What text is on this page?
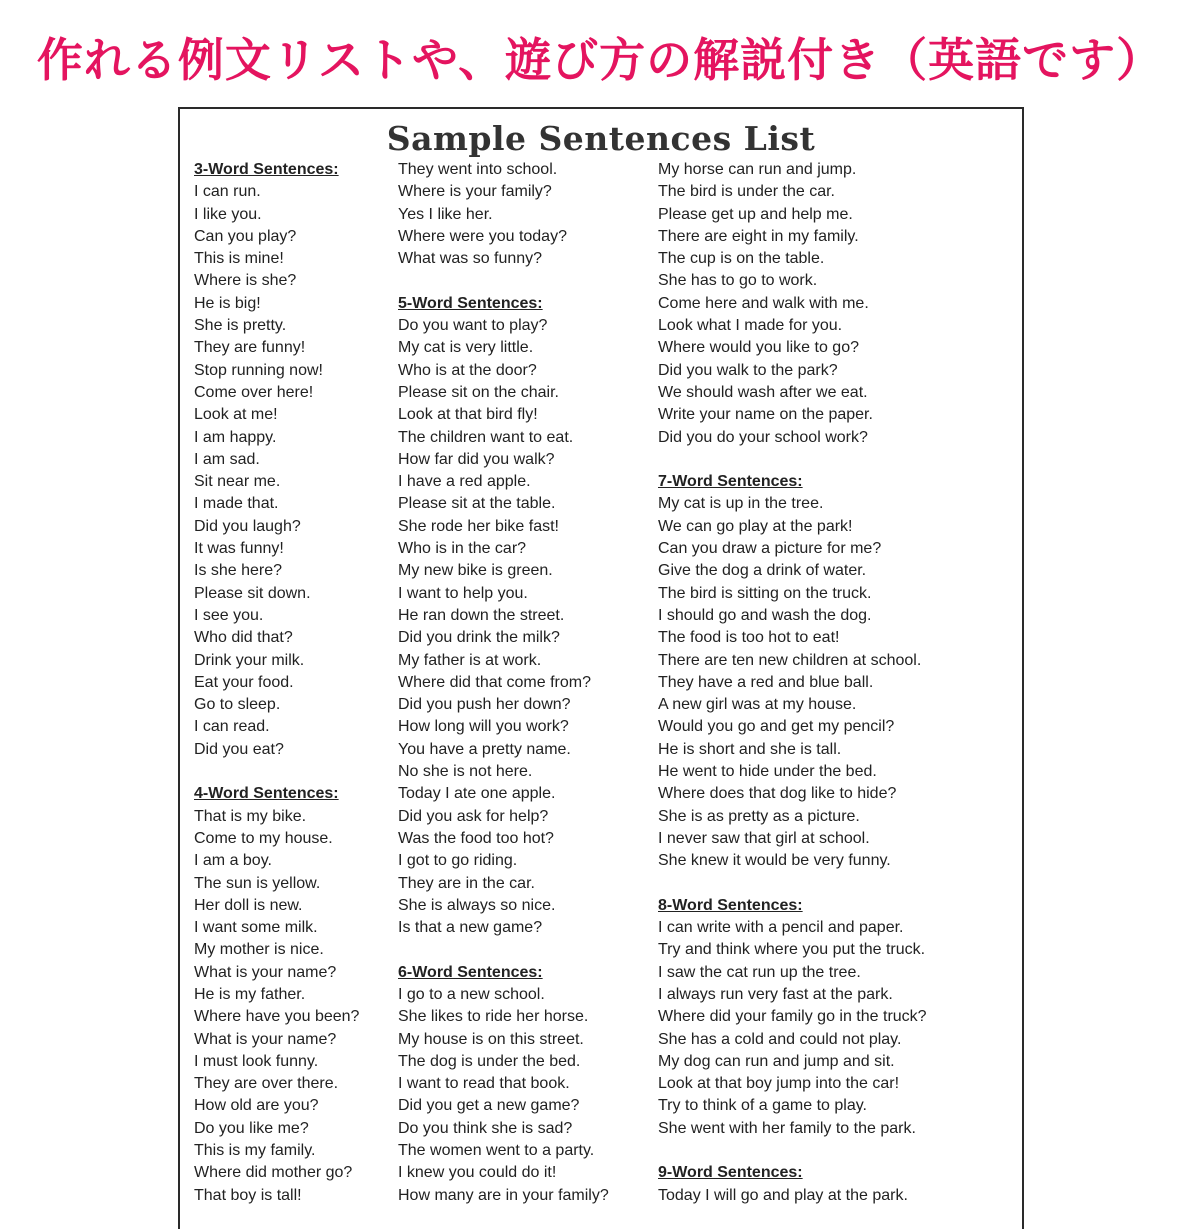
作れる例文リストや、遊び方の解説付き（英語です）
Sample Sentences List
3-Word Sentences:
I can run.
I like you.
Can you play?
This is mine!
Where is she?
He is big!
She is pretty.
They are funny!
Stop running now!
Come over here!
Look at me!
I am happy.
I am sad.
Sit near me.
I made that.
Did you laugh?
It was funny!
Is she here?
Please sit down.
I see you.
Who did that?
Drink your milk.
Eat your food.
Go to sleep.
I can read.
Did you eat?
4-Word Sentences:
That is my bike.
Come to my house.
I am a boy.
The sun is yellow.
Her doll is new.
I want some milk.
My mother is nice.
What is your name?
He is my father.
Where have you been?
What is your name?
I must look funny.
They are over there.
How old are you?
Do you like me?
This is my family.
Where did mother go?
That boy is tall!
They went into school.
Where is your family?
Yes I like her.
Where were you today?
What was so funny?
5-Word Sentences:
Do you want to play?
My cat is very little.
Who is at the door?
Please sit on the chair.
Look at that bird fly!
The children want to eat.
How far did you walk?
I have a red apple.
Please sit at the table.
She rode her bike fast!
Who is in the car?
My new bike is green.
I want to help you.
He ran down the street.
Did you drink the milk?
My father is at work.
Where did that come from?
Did you push her down?
How long will you work?
You have a pretty name.
No she is not here.
Today I ate one apple.
Did you ask for help?
Was the food too hot?
I got to go riding.
They are in the car.
She is always so nice.
Is that a new game?
6-Word Sentences:
I go to a new school.
She likes to ride her horse.
My house is on this street.
The dog is under the bed.
I want to read that book.
Did you get a new game?
Do you think she is sad?
The women went to a party.
I knew you could do it!
How many are in your family?
My horse can run and jump.
The bird is under the car.
Please get up and help me.
There are eight in my family.
The cup is on the table.
She has to go to work.
Come here and walk with me.
Look what I made for you.
Where would you like to go?
Did you walk to the park?
We should wash after we eat.
Write your name on the paper.
Did you do your school work?
7-Word Sentences:
My cat is up in the tree.
We can go play at the park!
Can you draw a picture for me?
Give the dog a drink of water.
The bird is sitting on the truck.
I should go and wash the dog.
The food is too hot to eat!
There are ten new children at school.
They have a red and blue ball.
A new girl was at my house.
Would you go and get my pencil?
He is short and she is tall.
He went to hide under the bed.
Where does that dog like to hide?
She is as pretty as a picture.
I never saw that girl at school.
She knew it would be very funny.
8-Word Sentences:
I can write with a pencil and paper.
Try and think where you put the truck.
I saw the cat run up the tree.
I always run very fast at the park.
Where did your family go in the truck?
She has a cold and could not play.
My dog can run and jump and sit.
Look at that boy jump into the car!
Try to think of a game to play.
She went with her family to the park.
9-Word Sentences:
Today I will go and play at the park.
